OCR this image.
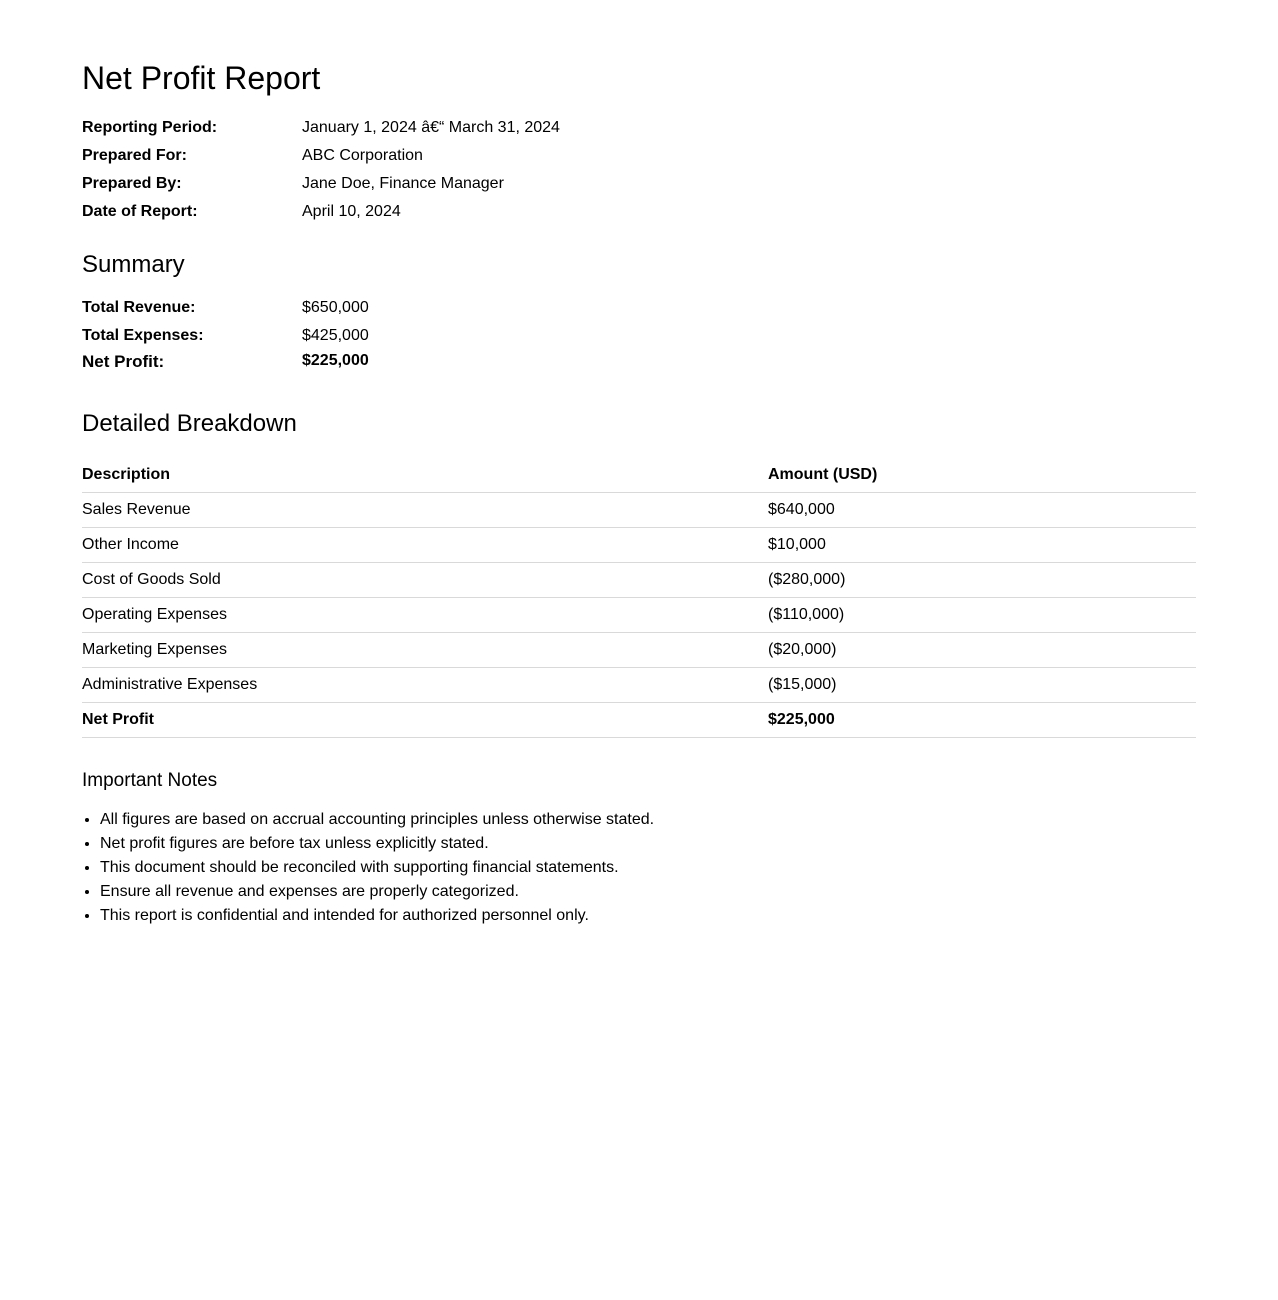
Net Profit Report
Reporting Period:	January 1, 2024 â€“ March 31, 2024
Prepared For:	ABC Corporation
Prepared By:	Jane Doe, Finance Manager
Date of Report:	April 10, 2024
Summary
Total Revenue:	$650,000
Total Expenses:	$425,000
Net Profit:	$225,000
Detailed Breakdown
Description	Amount (USD)
Sales Revenue	$640,000
Other Income	$10,000
Cost of Goods Sold	($280,000)
Operating Expenses	($110,000)
Marketing Expenses	($20,000)
Administrative Expenses	($15,000)
Net Profit	$225,000
Important Notes
• All figures are based on accrual accounting principles unless otherwise stated.
• Net profit figures are before tax unless explicitly stated.
• This document should be reconciled with supporting financial statements.
• Ensure all revenue and expenses are properly categorized.
• This report is confidential and intended for authorized personnel only.
